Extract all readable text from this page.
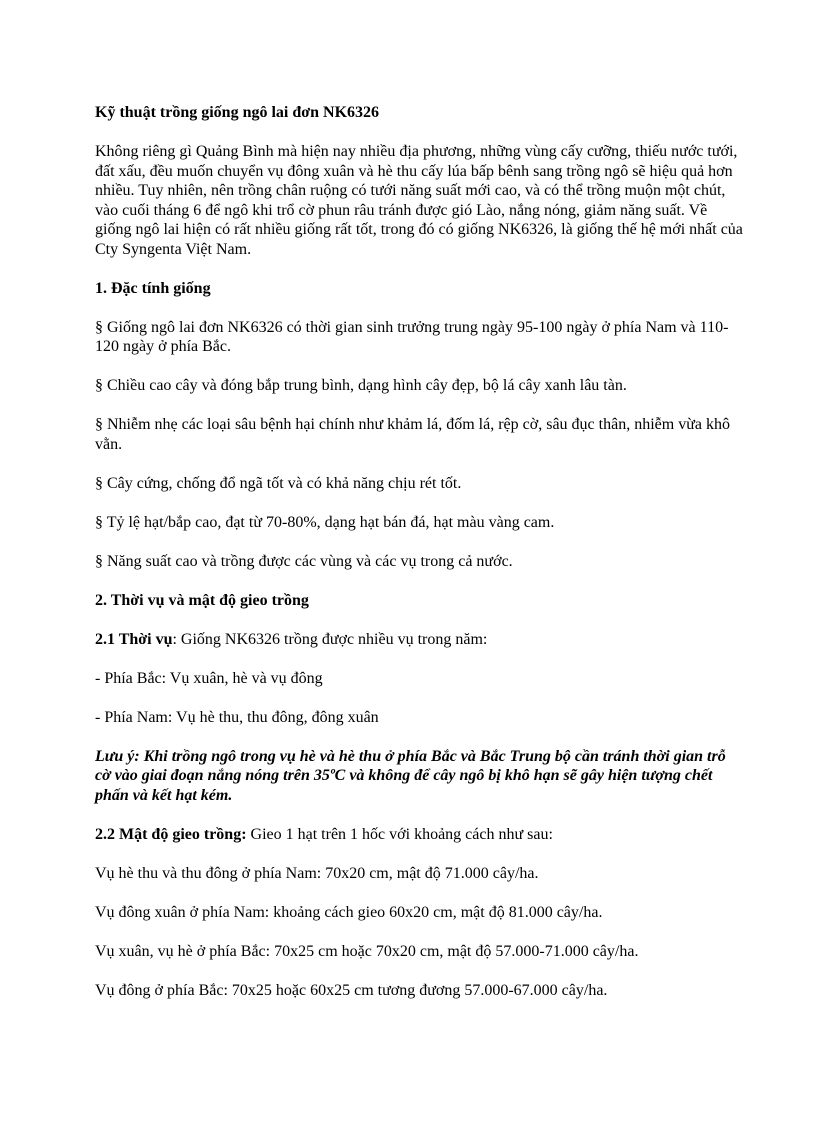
Kỹ thuật trồng giống ngô lai đơn NK6326

Không riêng gì Quảng Bình mà hiện nay nhiều địa phương, những vùng cấy cưỡng, thiếu nước tưới, đất xấu, đều muốn chuyển vụ đông xuân và hè thu cấy lúa bấp bênh sang trồng ngô sẽ hiệu quả hơn nhiều. Tuy nhiên, nên trồng chân ruộng có tưới năng suất mới cao, và có thể trồng muộn một chút, vào cuối tháng 6 để ngô khi trổ cờ phun râu tránh được gió Lào, nắng nóng, giảm năng suất. Về giống ngô lai hiện có rất nhiều giống rất tốt, trong đó có giống NK6326, là giống thế hệ mới nhất của Cty Syngenta Việt Nam.

1. Đặc tính giống

§ Giống ngô lai đơn NK6326 có thời gian sinh trưởng trung ngày 95-100 ngày ở phía Nam và 110-120 ngày ở phía Bắc.

§ Chiều cao cây và đóng bắp trung bình, dạng hình cây đẹp, bộ lá cây xanh lâu tàn.

§ Nhiễm nhẹ các loại sâu bệnh hại chính như khảm lá, đốm lá, rệp cờ, sâu đục thân, nhiễm vừa khô vằn.

§ Cây cứng, chống đổ ngã tốt và có khả năng chịu rét tốt.

§ Tỷ lệ hạt/bắp cao, đạt từ 70-80%, dạng hạt bán đá, hạt màu vàng cam.

§ Năng suất cao và trồng được các vùng và các vụ trong cả nước.

2. Thời vụ và mật độ gieo trồng

2.1 Thời vụ: Giống NK6326 trồng được nhiều vụ trong năm:

- Phía Bắc: Vụ xuân, hè và vụ đông

- Phía Nam: Vụ hè thu, thu đông, đông xuân

Lưu ý: Khi trồng ngô trong vụ hè và hè thu ở phía Bắc và Bắc Trung bộ cần tránh thời gian trỗ cờ vào giai đoạn nắng nóng trên 35ºC và không để cây ngô bị khô hạn sẽ gây hiện tượng chết phấn và kết hạt kém.

2.2 Mật độ gieo trồng: Gieo 1 hạt trên 1 hốc với khoảng cách như sau:

Vụ hè thu và thu đông ở phía Nam: 70x20 cm, mật độ 71.000 cây/ha.

Vụ đông xuân ở phía Nam: khoảng cách gieo 60x20 cm, mật độ 81.000 cây/ha.

Vụ xuân, vụ hè ở phía Bắc: 70x25 cm hoặc 70x20 cm, mật độ 57.000-71.000 cây/ha.

Vụ đông ở phía Bắc: 70x25 hoặc 60x25 cm tương đương 57.000-67.000 cây/ha.
